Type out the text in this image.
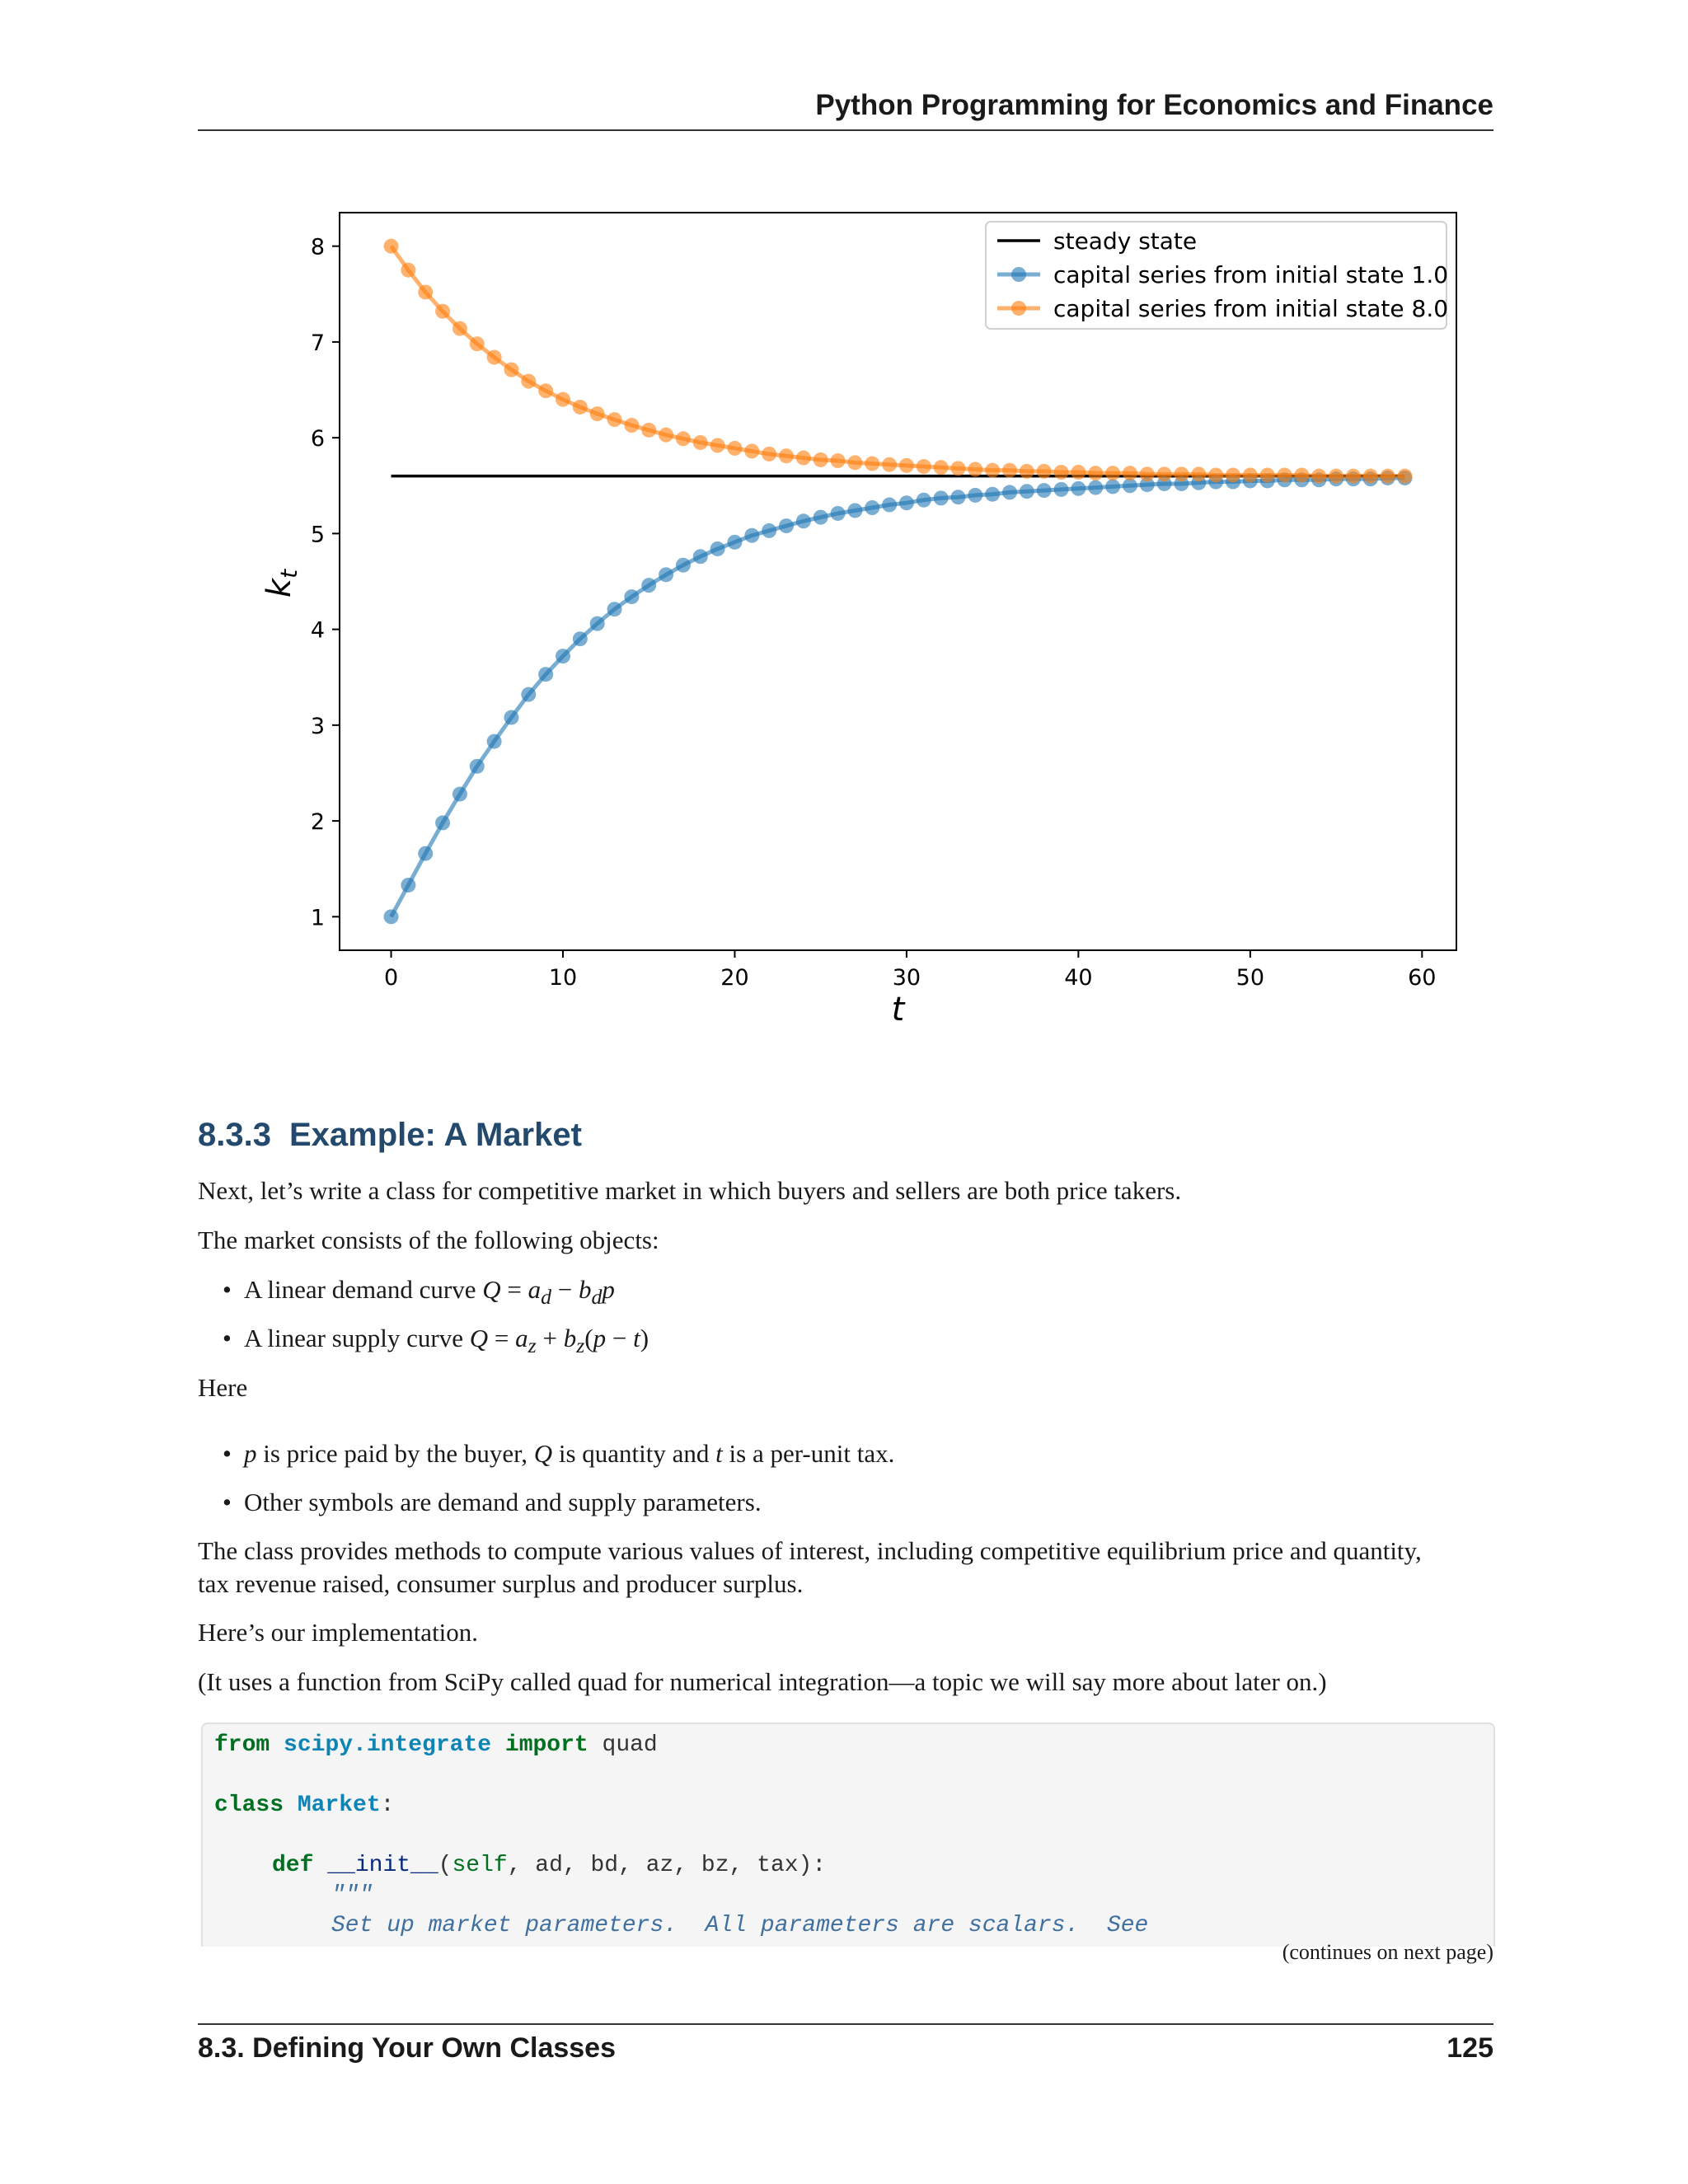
Python Programming for Economics and Finance
0	10	20	30	40	50	60
1
2
3
4
5
6
7
8
t
$k_t$
steady state
capital series from initial state 1.0
capital series from initial state 8.0
8.3.3 Example: A Market
Next, let’s write a class for competitive market in which buyers and sellers are both price takers.
The market consists of the following objects:
• A linear demand curve $Q = a_d - b_dp$
• A linear supply curve $Q = a_z + b_z(p - t)$
Here
• p is price paid by the buyer, Q is quantity and t is a per-unit tax.
• Other symbols are demand and supply parameters.
The class provides methods to compute various values of interest, including competitive equilibrium price and quantity,
tax revenue raised, consumer surplus and producer surplus.
Here’s our implementation.
(It uses a function from SciPy called quad for numerical integration—a topic we will say more about later on.)
from scipy.integrate import quad
class Market:
def __init__(self, ad, bd, az, bz, tax):
"""
Set up market parameters.  All parameters are scalars.  See
(continues on next page)
8.3. Defining Your Own Classes	125
